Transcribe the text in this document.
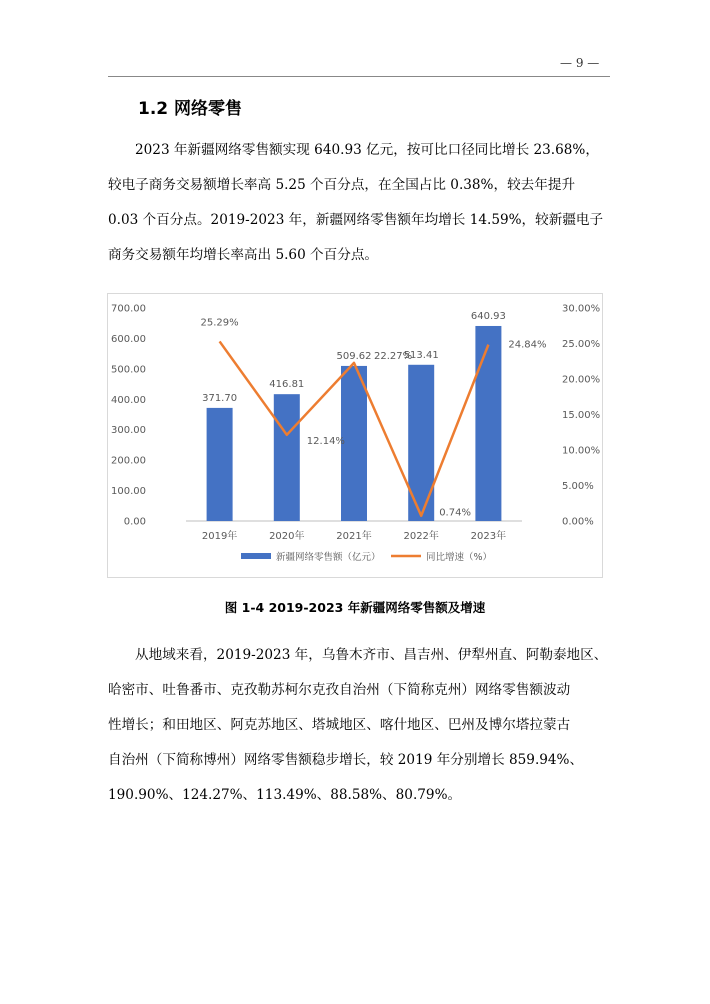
— 9 —
1.2 网络零售
2023 年新疆网络零售额实现 640.93 亿元，按可比口径同比增长 23.68%，
较电子商务交易额增长率高 5.25 个百分点，在全国占比 0.38%，较去年提升
0.03 个百分点。2019-2023 年，新疆网络零售额年均增长 14.59%，较新疆电子
商务交易额年均增长率高出 5.60 个百分点。
0.00
100.00
200.00
300.00
400.00
500.00
600.00
700.00
0.00%
5.00%
10.00%
15.00%
20.00%
25.00%
30.00%
371.70
416.81
509.62	513.41
640.93
2019年	2020年	2021年	2022年	2023年
25.29%
12.14%
22.27%
0.74%
24.84%
新疆网络零售额（亿元）	同比增速（%）
图 1-4 2019-2023 年新疆网络零售额及增速
从地域来看，2019-2023 年，乌鲁木齐市、昌吉州、伊犁州直、阿勒泰地区、
哈密市、吐鲁番市、克孜勒苏柯尔克孜自治州（下简称克州）网络零售额波动
性增长；和田地区、阿克苏地区、塔城地区、喀什地区、巴州及博尔塔拉蒙古
自治州（下简称博州）网络零售额稳步增长，较 2019 年分别增长 859.94%、
190.90%、124.27%、113.49%、88.58%、80.79%。
